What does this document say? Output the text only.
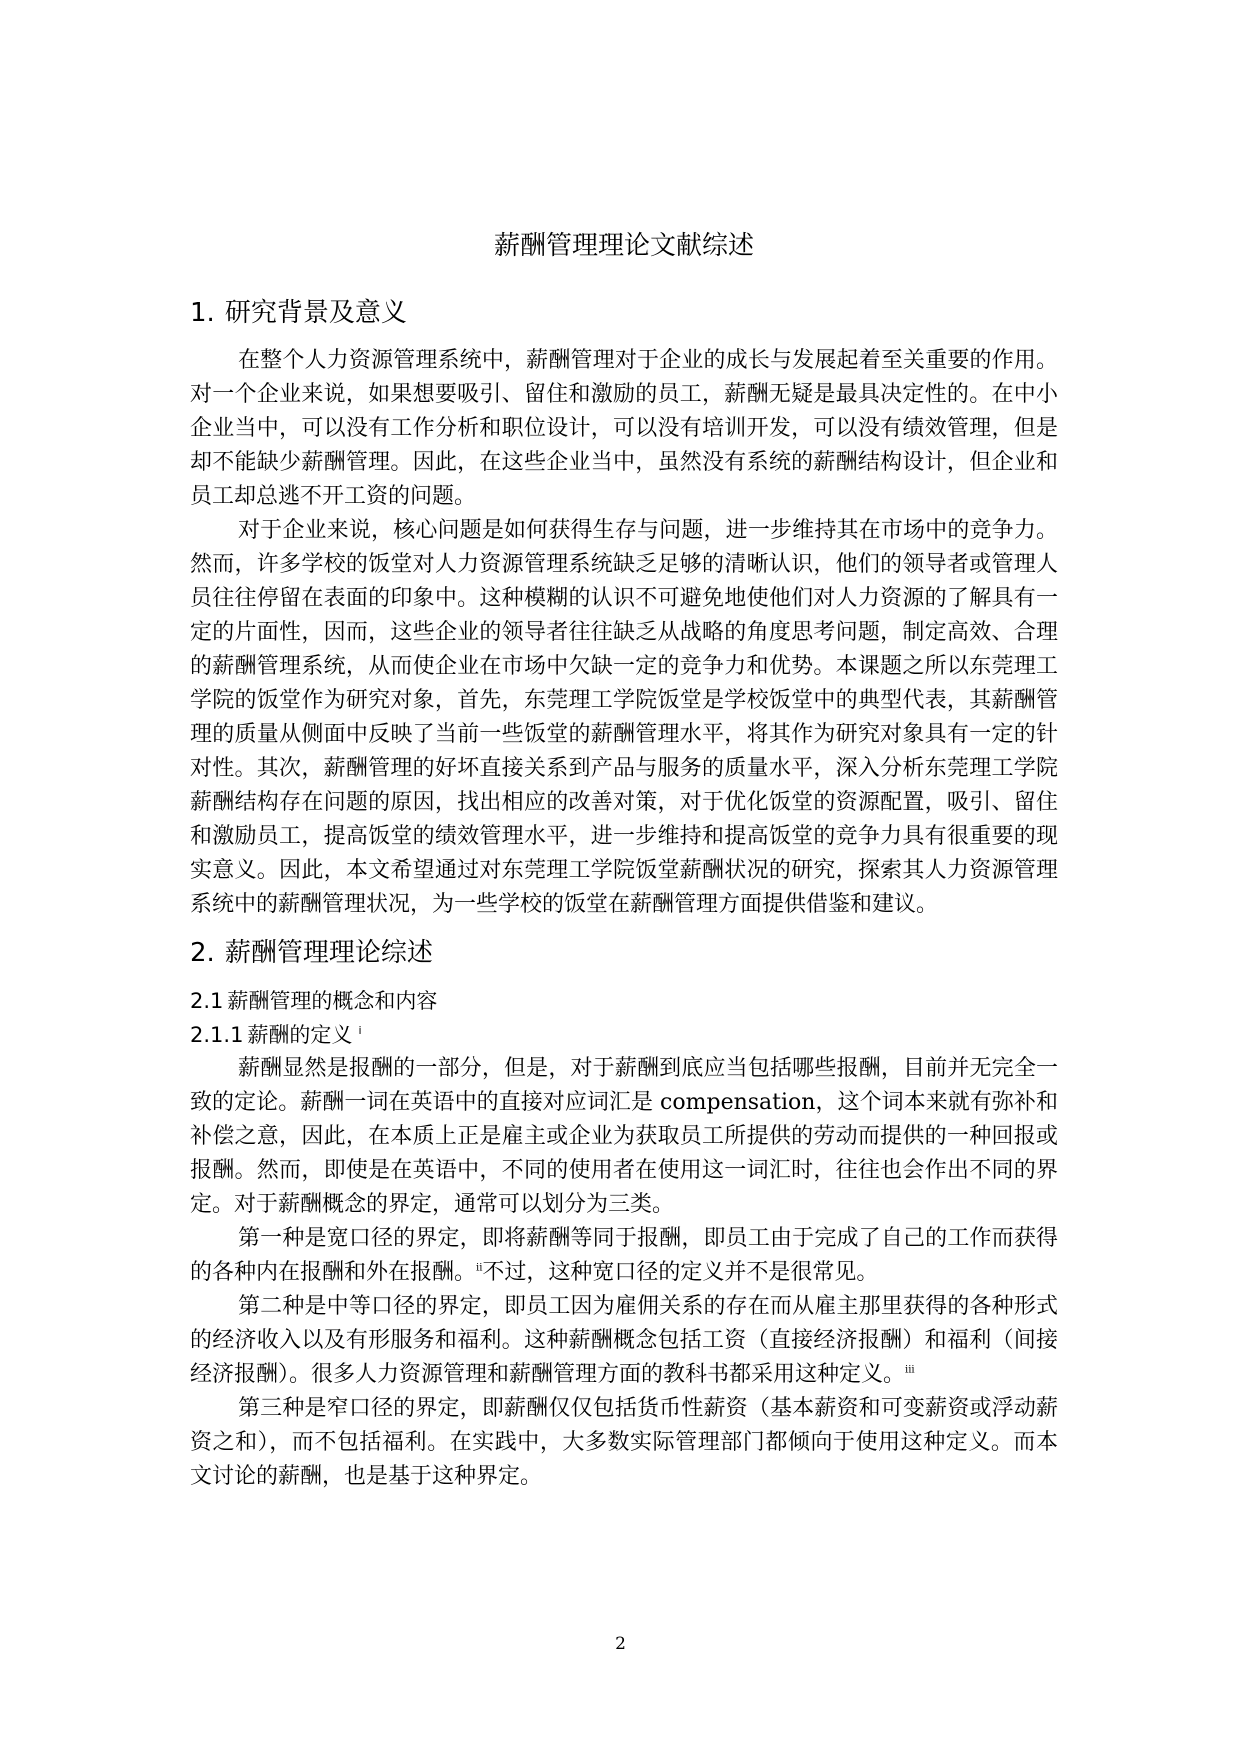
薪酬管理理论文献综述
1. 研究背景及意义

在整个人力资源管理系统中，薪酬管理对于企业的成长与发展起着至关重要的作用。对一个企业来说，如果想要吸引、留住和激励的员工，薪酬无疑是最具决定性的。在中小企业当中，可以没有工作分析和职位设计，可以没有培训开发，可以没有绩效管理，但是却不能缺少薪酬管理。因此，在这些企业当中，虽然没有系统的薪酬结构设计，但企业和员工却总逃不开工资的问题。

对于企业来说，核心问题是如何获得生存与问题，进一步维持其在市场中的竞争力。然而，许多学校的饭堂对人力资源管理系统缺乏足够的清晰认识，他们的领导者或管理人员往往停留在表面的印象中。这种模糊的认识不可避免地使他们对人力资源的了解具有一定的片面性，因而，这些企业的领导者往往缺乏从战略的角度思考问题，制定高效、合理的薪酬管理系统，从而使企业在市场中欠缺一定的竞争力和优势。本课题之所以东莞理工学院的饭堂作为研究对象，首先，东莞理工学院饭堂是学校饭堂中的典型代表，其薪酬管理的质量从侧面中反映了当前一些饭堂的薪酬管理水平，将其作为研究对象具有一定的针对性。其次，薪酬管理的好坏直接关系到产品与服务的质量水平，深入分析东莞理工学院薪酬结构存在问题的原因，找出相应的改善对策，对于优化饭堂的资源配置，吸引、留住和激励员工，提高饭堂的绩效管理水平，进一步维持和提高饭堂的竞争力具有很重要的现实意义。因此，本文希望通过对东莞理工学院饭堂薪酬状况的研究，探索其人力资源管理系统中的薪酬管理状况，为一些学校的饭堂在薪酬管理方面提供借鉴和建议。

2. 薪酬管理理论综述
2.1 薪酬管理的概念和内容
2.1.1 薪酬的定义 $^i$

薪酬显然是报酬的一部分，但是，对于薪酬到底应当包括哪些报酬，目前并无完全一致的定论。薪酬一词在英语中的直接对应词汇是 compensation，这个词本来就有弥补和补偿之意，因此，在本质上正是雇主或企业为获取员工所提供的劳动而提供的一种回报或报酬。然而，即使是在英语中，不同的使用者在使用这一词汇时，往往也会作出不同的界定。对于薪酬概念的界定，通常可以划分为三类。

第一种是宽口径的界定，即将薪酬等同于报酬，即员工由于完成了自己的工作而获得的各种内在报酬和外在报酬。$^{ii}$不过，这种宽口径的定义并不是很常见。

第二种是中等口径的界定，即员工因为雇佣关系的存在而从雇主那里获得的各种形式的经济收入以及有形服务和福利。这种薪酬概念包括工资（直接经济报酬）和福利（间接经济报酬）。很多人力资源管理和薪酬管理方面的教科书都采用这种定义。$^{iii}$

第三种是窄口径的界定，即薪酬仅仅包括货币性薪资（基本薪资和可变薪资或浮动薪资之和），而不包括福利。在实践中，大多数实际管理部门都倾向于使用这种定义。而本文讨论的薪酬，也是基于这种界定。

2
